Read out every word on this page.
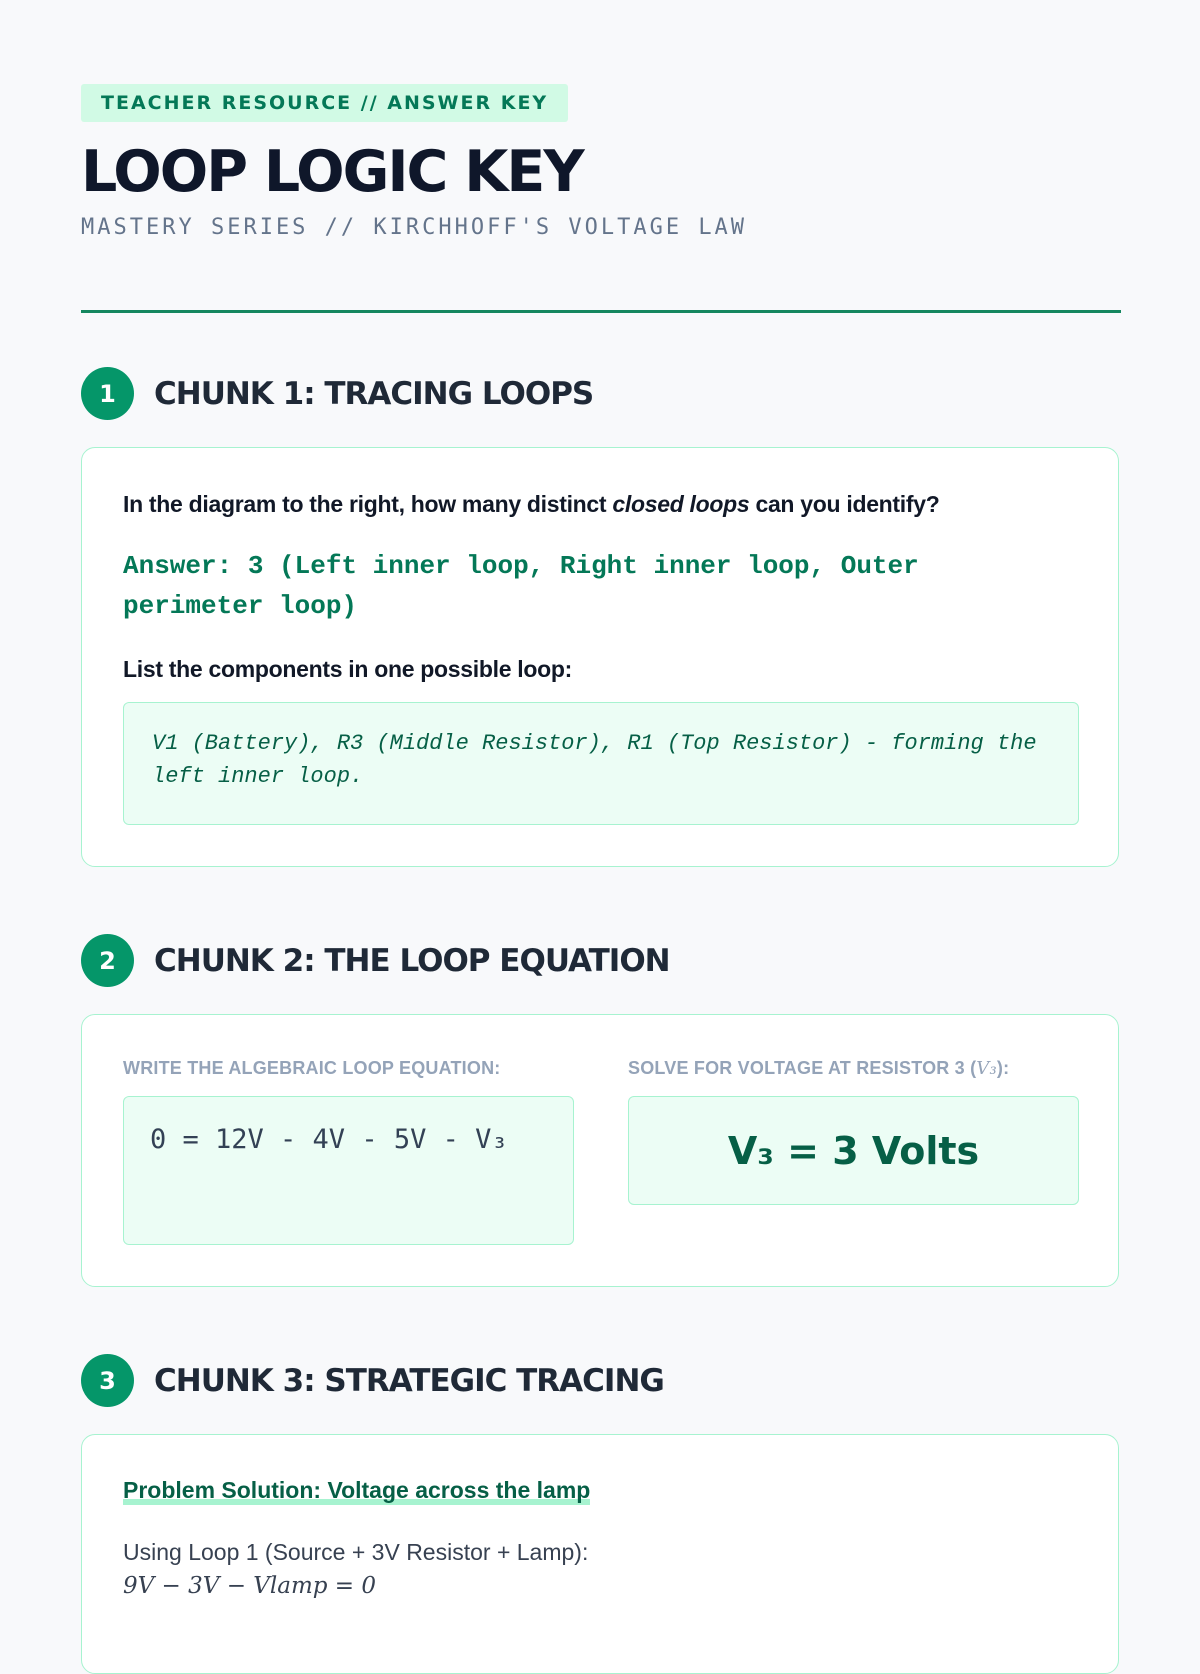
TEACHER RESOURCE // ANSWER KEY
LOOP LOGIC KEY
MASTERY SERIES // KIRCHHOFF'S VOLTAGE LAW
1	CHUNK 1: TRACING LOOPS
In the diagram to the right, how many distinct closed loops can you identify?
Answer: 3 (Left inner loop, Right inner loop, Outer perimeter loop)
List the components in one possible loop:
V1 (Battery), R3 (Middle Resistor), R1 (Top Resistor) - forming the left inner loop.
2	CHUNK 2: THE LOOP EQUATION
WRITE THE ALGEBRAIC LOOP EQUATION:
0 = 12V - 4V - 5V - V₃
SOLVE FOR VOLTAGE AT RESISTOR 3 (V₃):
V₃ = 3 Volts
3	CHUNK 3: STRATEGIC TRACING
Problem Solution: Voltage across the lamp
Using Loop 1 (Source + 3V Resistor + Lamp):
9V − 3V − Vlamp = 0
